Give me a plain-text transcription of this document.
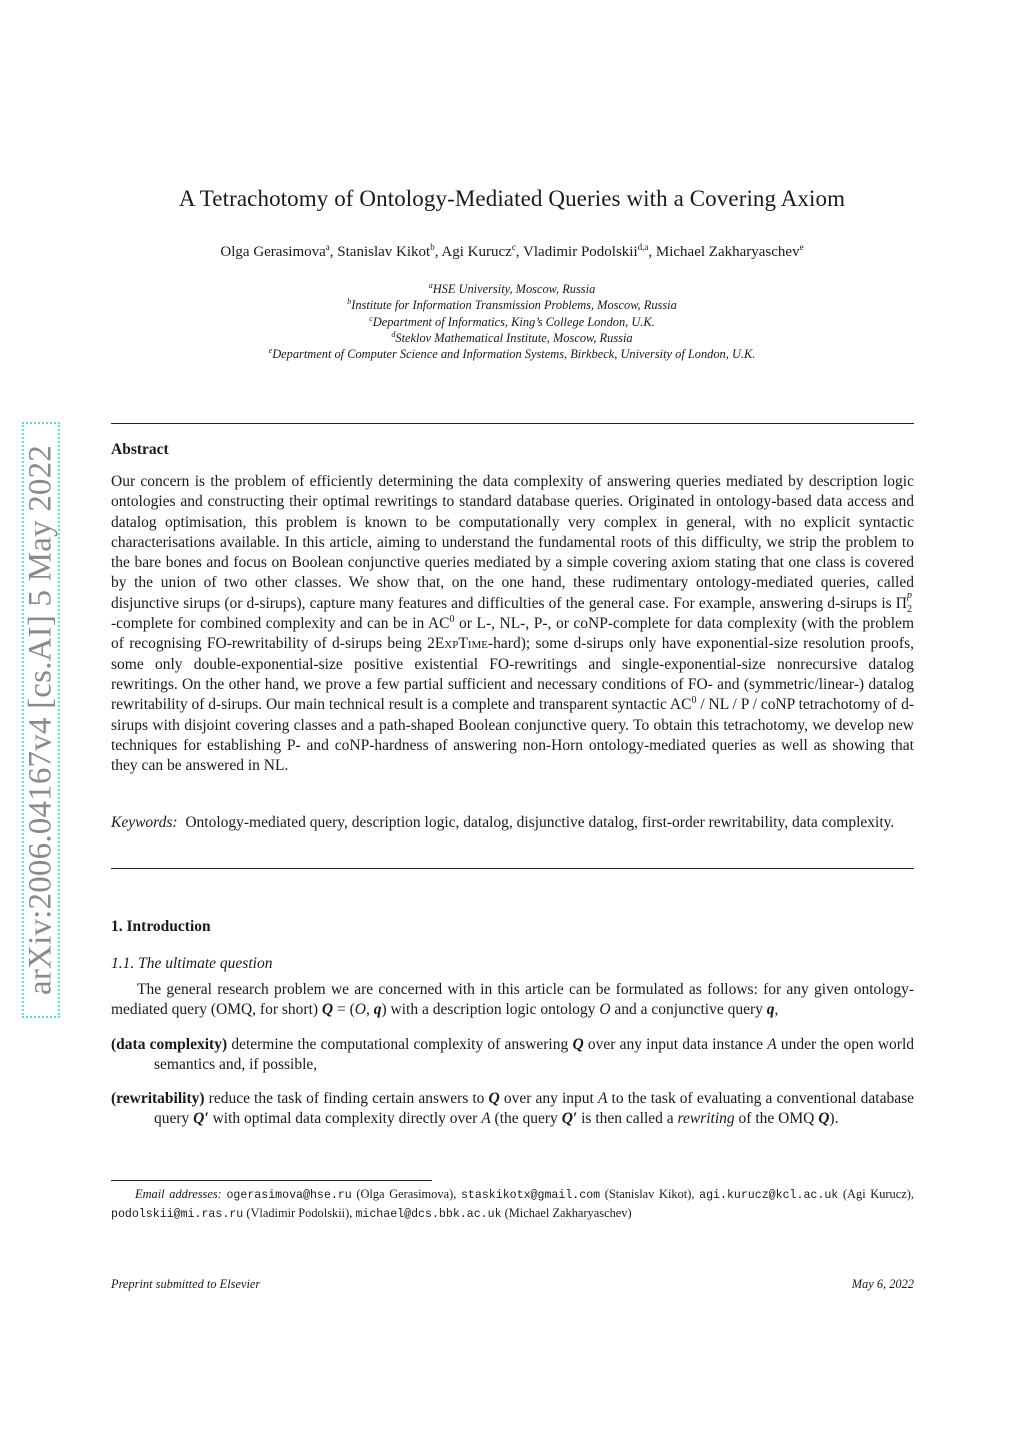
arXiv:2006.04167v4 [cs.AI] 5 May 2022
A Tetrachotomy of Ontology-Mediated Queries with a Covering Axiom
Olga Gerasimova$^a$, Stanislav Kikot$^b$, Agi Kurucz$^c$, Vladimir Podolskii$^{d,a}$, Michael Zakharyaschev$^e$
$^a$HSE University, Moscow, Russia
$^b$Institute for Information Transmission Problems, Moscow, Russia
$^c$Department of Informatics, King’s College London, U.K.
$^d$Steklov Mathematical Institute, Moscow, Russia
$^e$Department of Computer Science and Information Systems, Birkbeck, University of London, U.K.
Abstract
Our concern is the problem of efficiently determining the data complexity of answering queries mediated by description logic ontologies and constructing their optimal rewritings to standard database queries. Originated in ontology-based data access and datalog optimisation, this problem is known to be computationally very complex in general, with no explicit syntactic characterisations available. In this article, aiming to understand the fundamental roots of this difficulty, we strip the problem to the bare bones and focus on Boolean conjunctive queries mediated by a simple covering axiom stating that one class is covered by the union of two other classes. We show that, on the one hand, these rudimentary ontology-mediated queries, called disjunctive sirups (or d-sirups), capture many features and difficulties of the general case. For example, answering d-sirups is Π p
2
-complete for combined complexity and can be in $AC^0$ or L-, NL-, P-, or coNP-complete for data complexity (with the problem of recognising FO-rewritability of d-sirups being 2ExpTime-hard); some d-sirups only have exponential-size resolution proofs, some only double-exponential-size positive existential FO-rewritings and single-exponential-size nonrecursive datalog rewritings. On the other hand, we prove a few partial sufficient and necessary conditions of FO- and (symmetric/linear-) datalog rewritability of d-sirups. Our main technical result is a complete and transparent syntactic $AC^0$ / NL / P / coNP tetrachotomy of d-sirups with disjoint covering classes and a path-shaped Boolean conjunctive query. To obtain this tetrachotomy, we develop new techniques for establishing P- and coNP-hardness of answering non-Horn ontology-mediated queries as well as showing that they can be answered in NL.
Keywords: Ontology-mediated query, description logic, datalog, disjunctive datalog, first-order rewritability, data complexity.
1. Introduction
1.1. The ultimate question
The general research problem we are concerned with in this article can be formulated as follows: for any given ontology-mediated query (OMQ, for short) Q = (O, q) with a description logic ontology O and a conjunctive query q,
(data complexity) determine the computational complexity of answering Q over any input data instance A under the open world semantics and, if possible,
(rewritability) reduce the task of finding certain answers to Q over any input A to the task of evaluating a conventional database query Q′ with optimal data complexity directly over A (the query Q′ is then called a rewriting of the OMQ Q).
Email addresses: ogerasimova@hse.ru (Olga Gerasimova), staskikotx@gmail.com (Stanislav Kikot), agi.kurucz@kcl.ac.uk (Agi Kurucz), podolskii@mi.ras.ru (Vladimir Podolskii), michael@dcs.bbk.ac.uk (Michael Zakharyaschev)
Preprint submitted to Elsevier	May 6, 2022
